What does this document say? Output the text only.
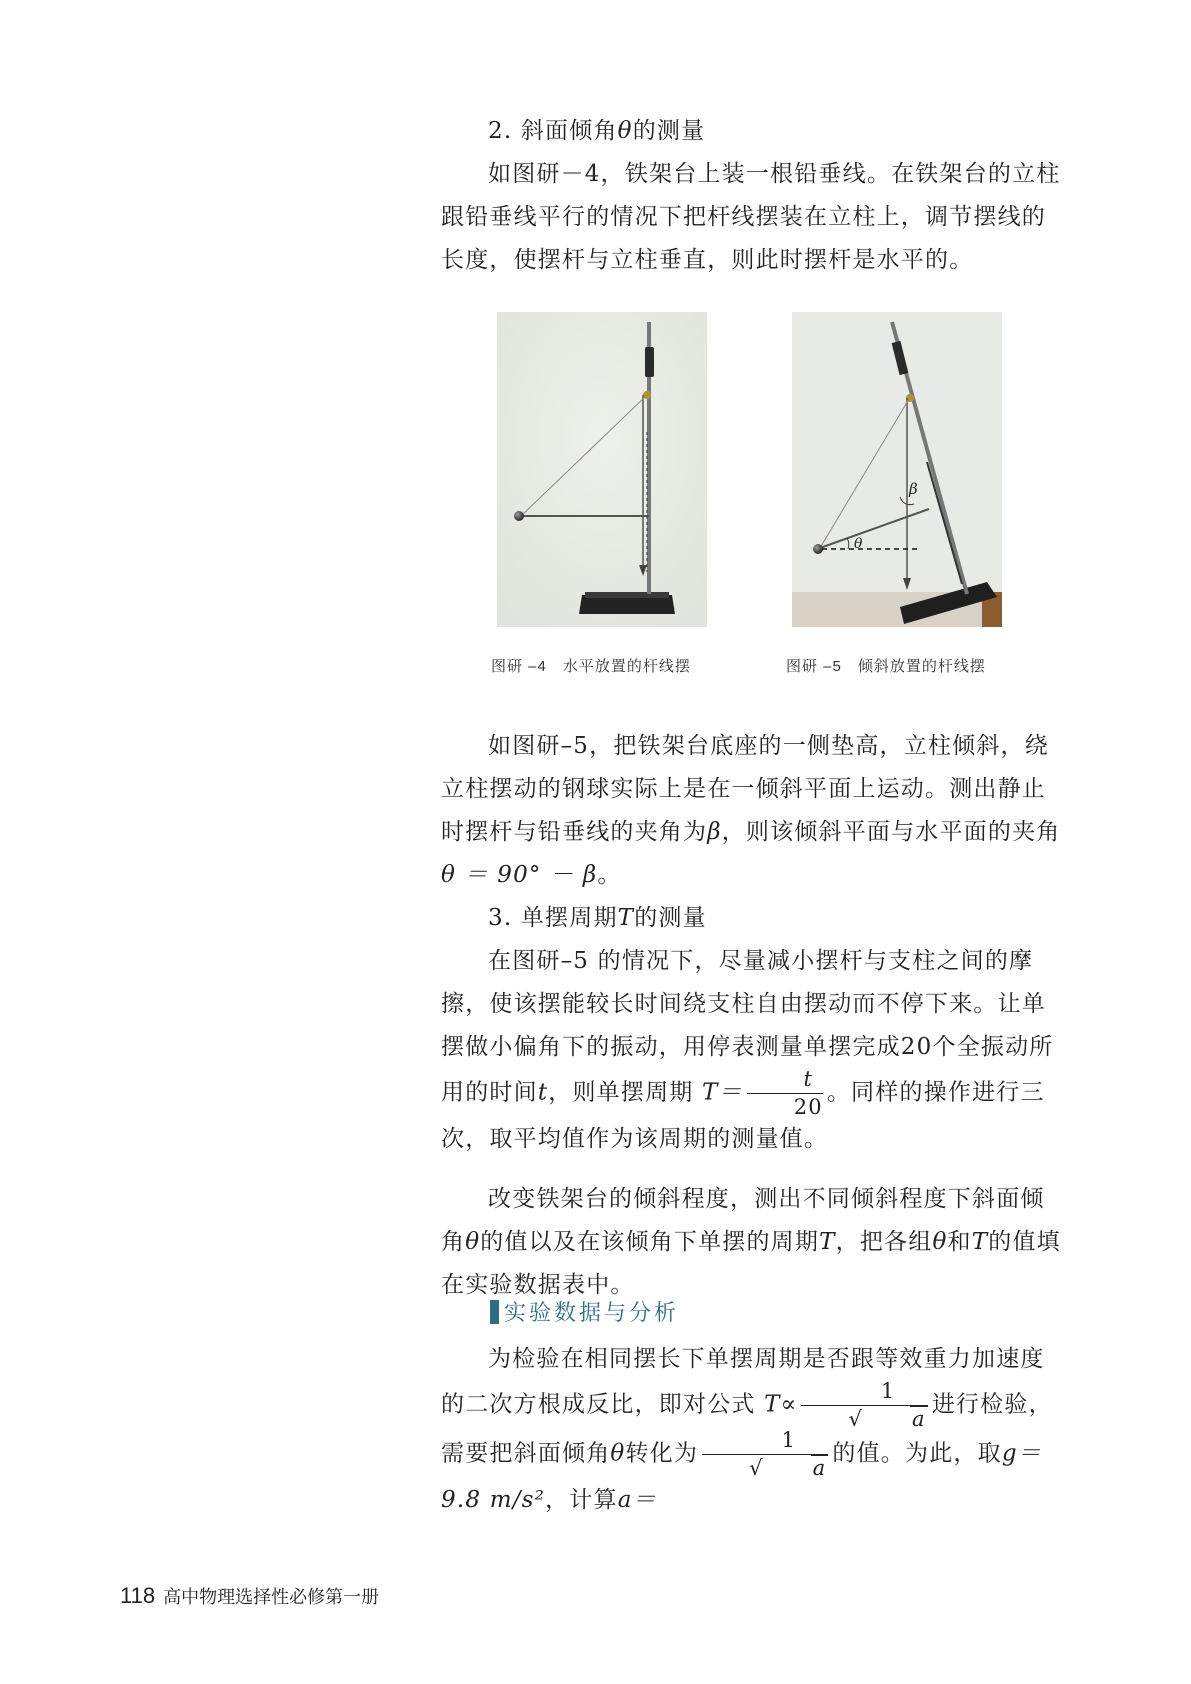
2. 斜面倾角θ的测量

如图研－4，铁架台上装一根铅垂线。在铁架台的立柱跟铅垂线平行的情况下把杆线摆装在立柱上，调节摆线的长度，使摆杆与立柱垂直，则此时摆杆是水平的。

图研 –4　水平放置的杆线摆
β
θ
图研 –5　倾斜放置的杆线摆

如图研–5，把铁架台底座的一侧垫高，立柱倾斜，绕立柱摆动的钢球实际上是在一倾斜平面上运动。测出静止时摆杆与铅垂线的夹角为β，则该倾斜平面与水平面的夹角
θ ＝ 90° － β。

3. 单摆周期T的测量

在图研–5 的情况下，尽量减小摆杆与支柱之间的摩擦，使该摆能较长时间绕支柱自由摆动而不停下来。让单摆做小偏角下的振动，用停表测量单摆完成20个全振动所用的时间t，则单摆周期 $T= \frac{t}{20}$ 。同样的操作进行三次，取平均值作为该周期的测量值。

改变铁架台的倾斜程度，测出不同倾斜程度下斜面倾角θ的值以及在该倾角下单摆的周期T，把各组θ和T的值填在实验数据表中。

实验数据与分析

为检验在相同摆长下单摆周期是否跟等效重力加速度的二次方根成反比，即对公式 $T\propto \frac{1}{√ a}$ 进行检验，需要把斜面倾角θ转化为 $\frac{1}{√ a}$ 的值。为此，取g＝9.8 m/s²，计算a＝

118 高中物理选择性必修第一册
